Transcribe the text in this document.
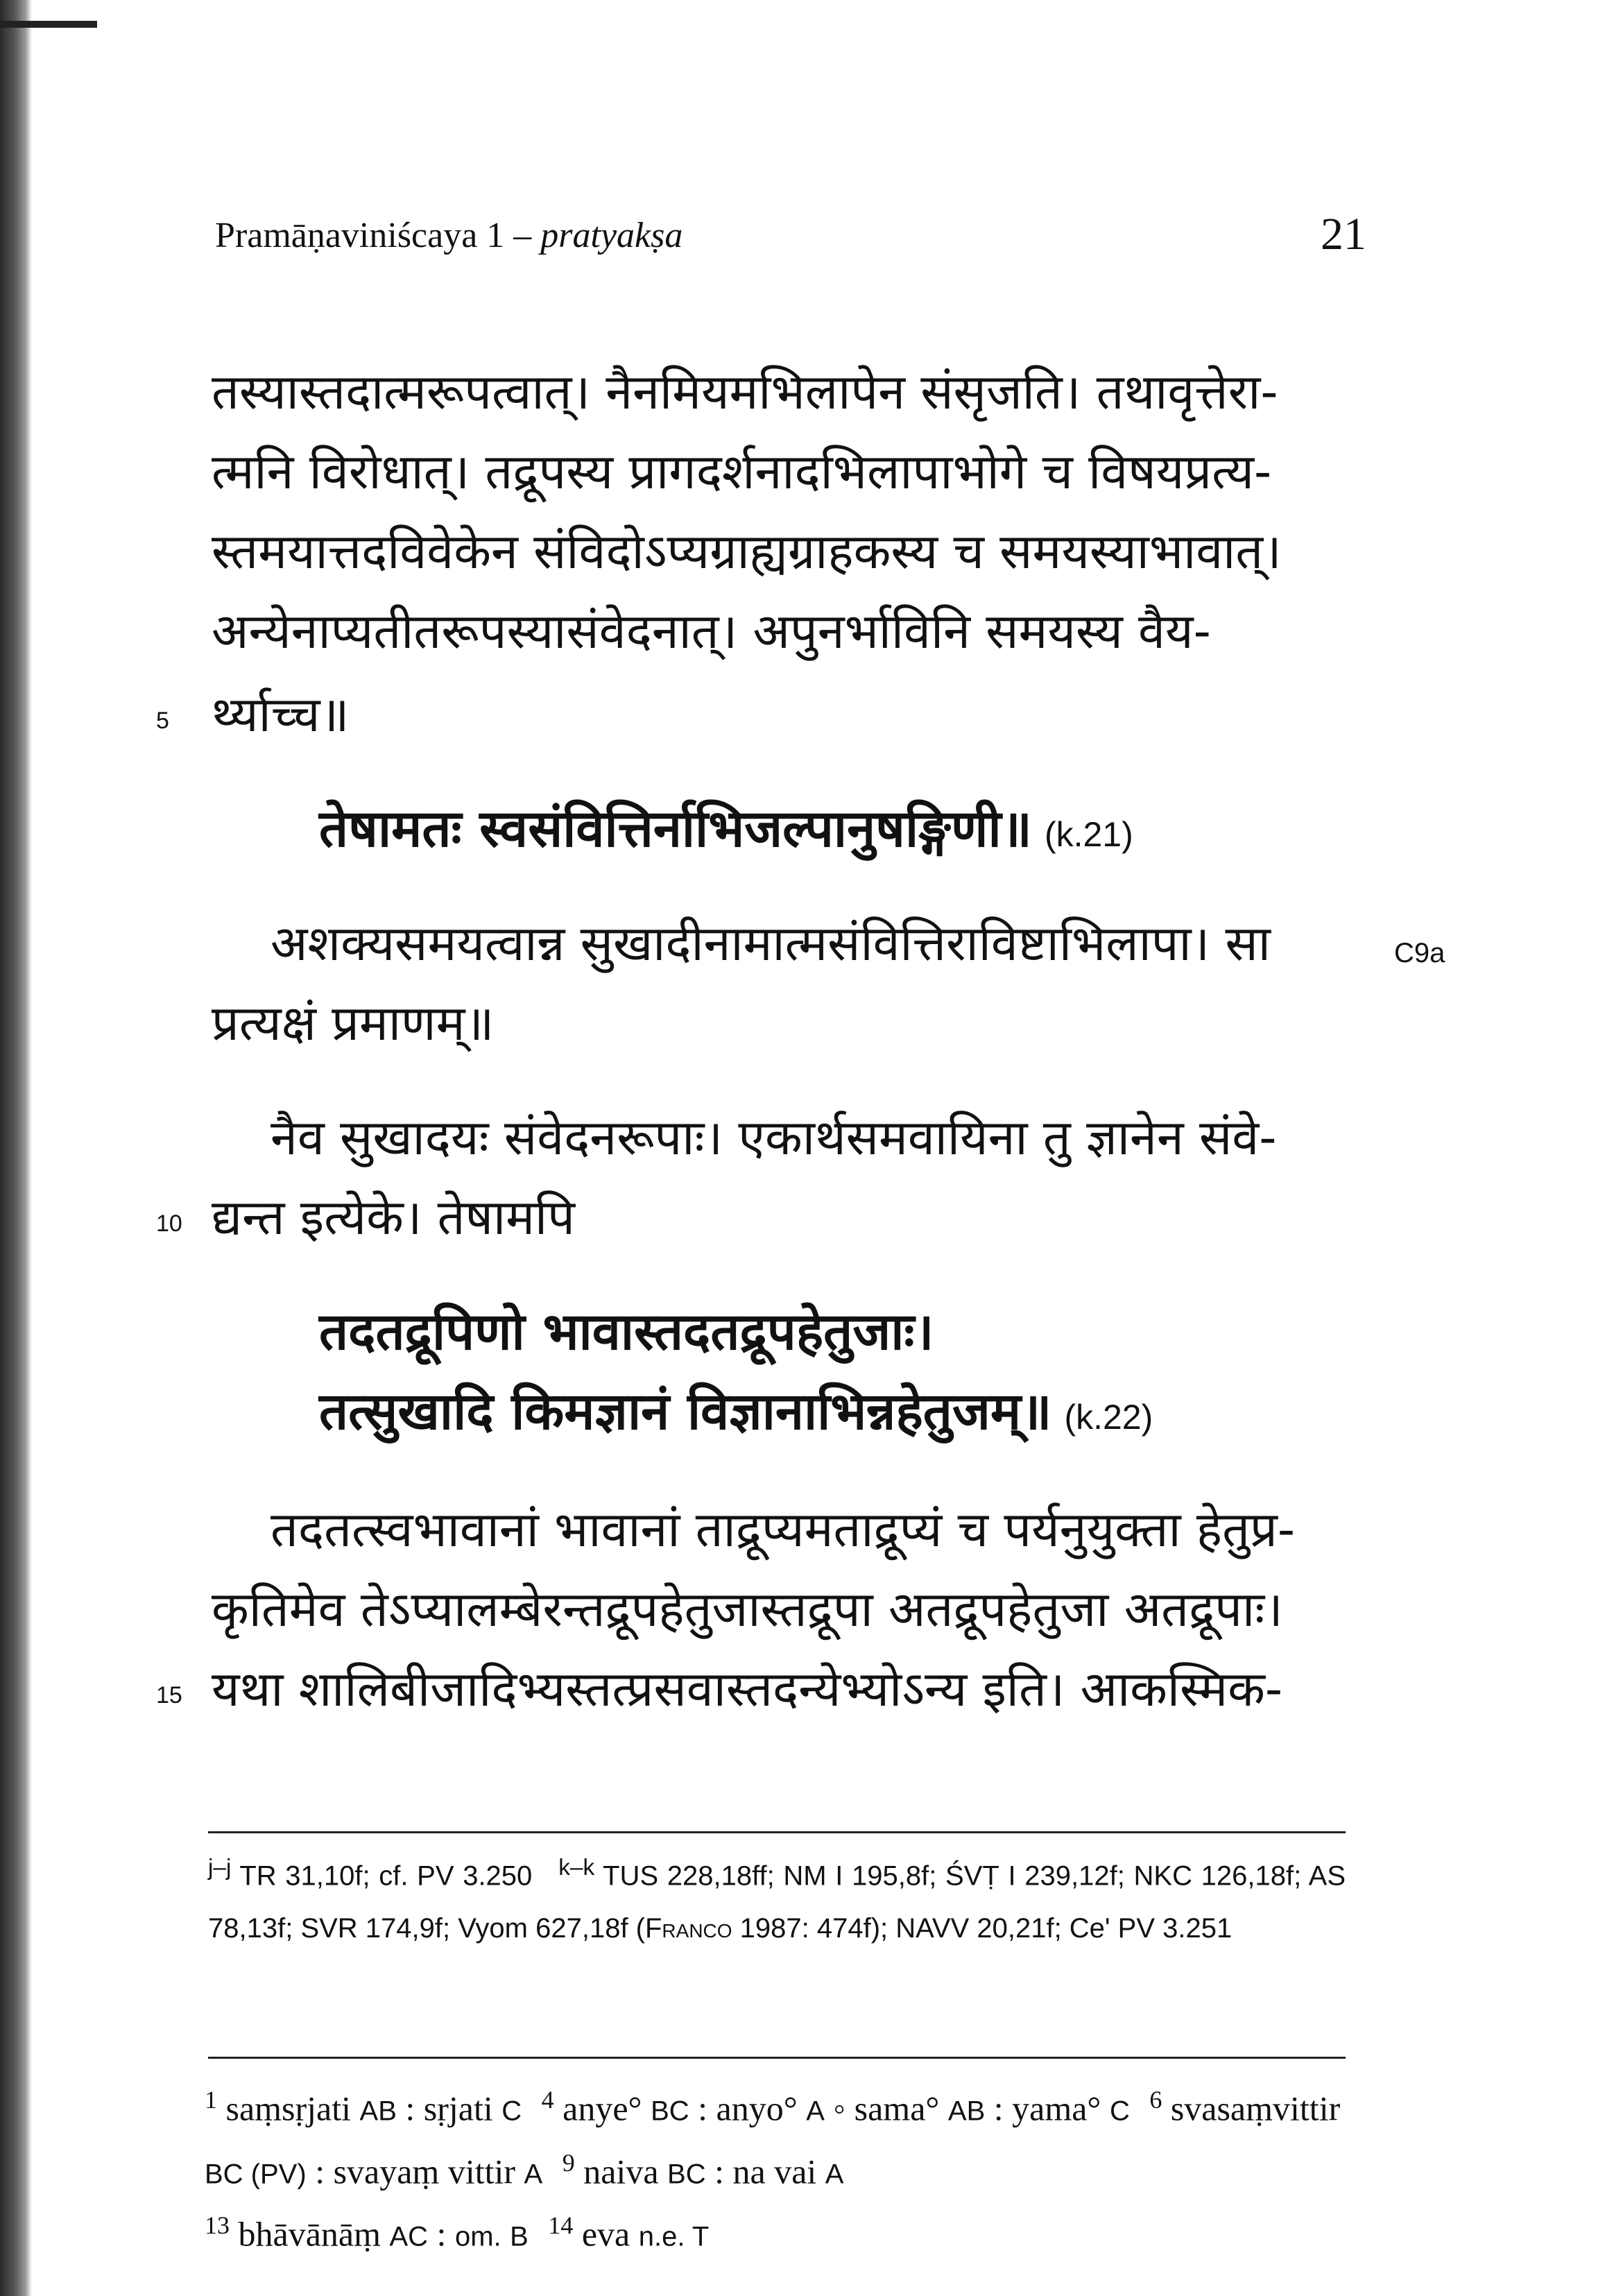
Pramāṇaviniścaya 1 – pratyakṣa	21
तस्यास्तदात्मरूपत्वात्। नैनमियमभिलापेन संसृजति। तथावृत्तेरा-
त्मनि विरोधात्। तद्रूपस्य प्रागदर्शनादभिलापाभोगे च विषयप्रत्य-
स्तमयात्तदविवेकेन संविदोऽप्यग्राह्यग्राहकस्य च समयस्याभावात्।
अन्येनाप्यतीतरूपस्यासंवेदनात्। अपुनर्भाविनि समयस्य वैय-
र्थ्याच्च॥
5
तेषामतः स्वसंवित्तिर्नाभिजल्पानुषङ्गिणी॥ (k.21)
अशक्यसमयत्वान्न सुखादीनामात्मसंवित्तिराविष्टाभिलापा। सा	C9a
प्रत्यक्षं प्रमाणम्॥
नैव सुखादयः संवेदनरूपाः। एकार्थसमवायिना तु ज्ञानेन संवे-
द्यन्त इत्येके। तेषामपि
10
तदतद्रूपिणो भावास्तदतद्रूपहेतुजाः।
तत्सुखादि किमज्ञानं विज्ञानाभिन्नहेतुजम्॥ (k.22)
तदतत्स्वभावानां भावानां ताद्रूप्यमताद्रूप्यं च पर्यनुयुक्ता हेतुप्र-
कृतिमेव तेऽप्यालम्बेरन्तद्रूपहेतुजास्तद्रूपा अतद्रूपहेतुजा अतद्रूपाः।
यथा शालिबीजादिभ्यस्तत्प्रसवास्तदन्येभ्योऽन्य इति। आकस्मिक-
15
$^{j-j}$ TR 31,10f; cf. PV 3.250 $^{k-k}$ TUS 228,18ff; NM I 195,8f; ŚVṬ I 239,12f; NKC 126,18f; AS 78,13f; SVR 174,9f; Vyom 627,18f (Franco 1987: 474f); NAVV 20,21f; Ce' PV 3.251
$^1$ saṃsṛjati AB : sṛjati C $^4$ anye° BC : anyo° A ◦ sama° AB : yama° C $^6$ svasaṃvittir BC (PV) : svayaṃ vittir A $^9$ naiva BC : na vai A
$^{13}$ bhāvānāṃ AC : om. B $^{14}$ eva n.e. T
